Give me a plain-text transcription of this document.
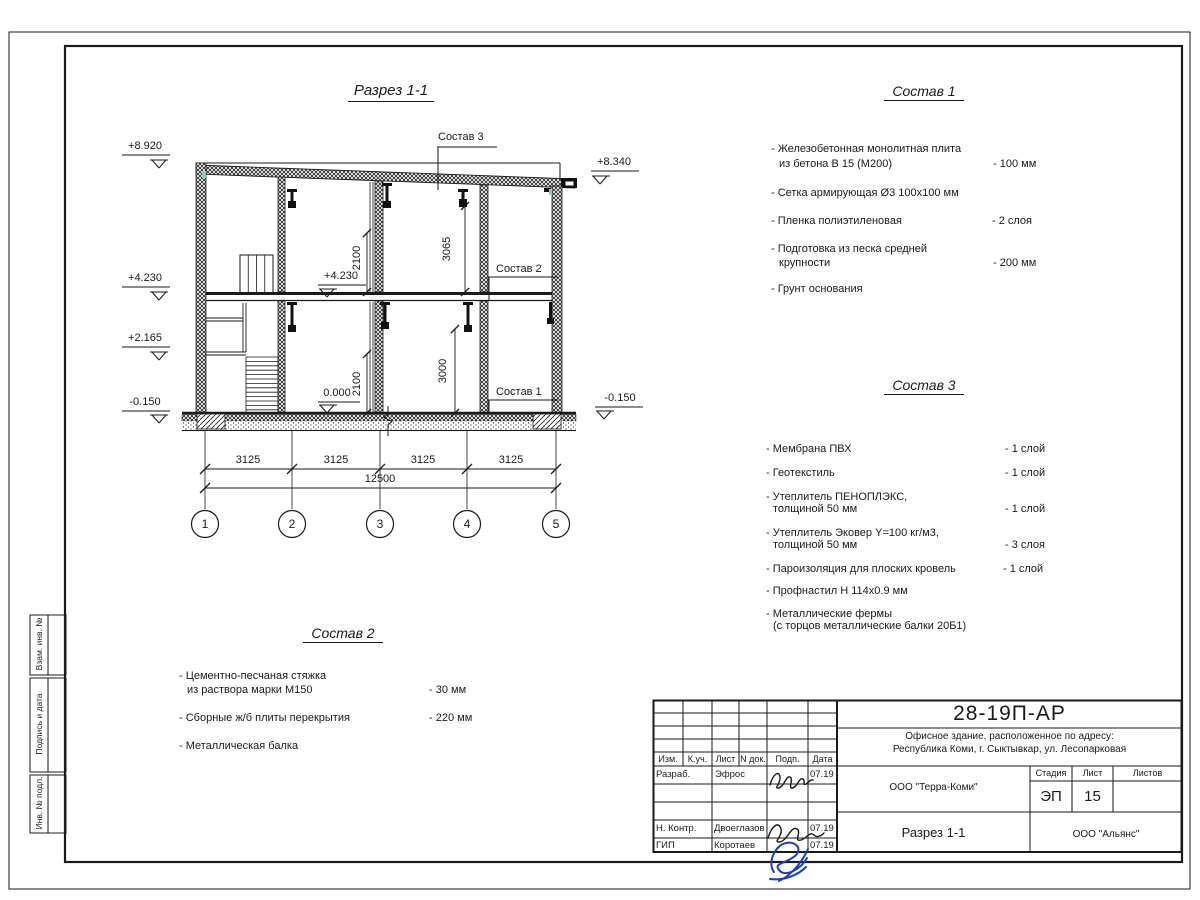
Разрез 1-1
Состав 3
Состав 2
Состав 1
+8.920
+4.230
+2.165
-0.150
+8.340
-0.150
+4.230
0.000
2100	3065
2100
3000
3125	3125	3125	3125
12500
1	2	3	4	5
Состав 1
- Железобетонная монолитная плита
из бетона В 15 (М200)	- 100 мм
- Сетка армирующая Ø3 100х100 мм
- Пленка полиэтиленовая	- 2 слоя
- Подготовка из песка средней
крупности	- 200 мм
- Грунт основания
Состав 3
- Мембрана ПВХ	- 1 слой
- Геотекстиль	- 1 слой
- Утеплитель ПЕНОПЛЭКС,
толщиной 50 мм	- 1 слой
- Утеплитель Эковер Y=100 кг/м3,
толщиной 50 мм	- 3 слоя
- Пароизоляция для плоских кровель	- 1 слой
- Профнастил Н 114х0.9 мм
- Металлические фермы
(с торцов металлические балки 20Б1)
Состав 2
- Цементно-песчаная стяжка
из раствора марки М150	- 30 мм
- Сборные ж/б плиты перекрытия	- 220 мм
- Металлическая балка
28-19П-АР
Офисное здание, расположенное по адресу:
Республика Коми, г. Сыктывкар, ул. Лесопарковая
ООО "Терра-Коми"
Стадия	Лист	Листов
ЭП	15
Разрез 1-1	ООО "Альянс"
Изм.	К.уч. Лист N док.	Подп.	Дата
Разраб.	Эфрос	07.19
Н. Контр. Двоеглазов	07.19
ГИП	Коротаев	07.19
Взам. инв. №
Подпись и дата
Инв. № подл.
